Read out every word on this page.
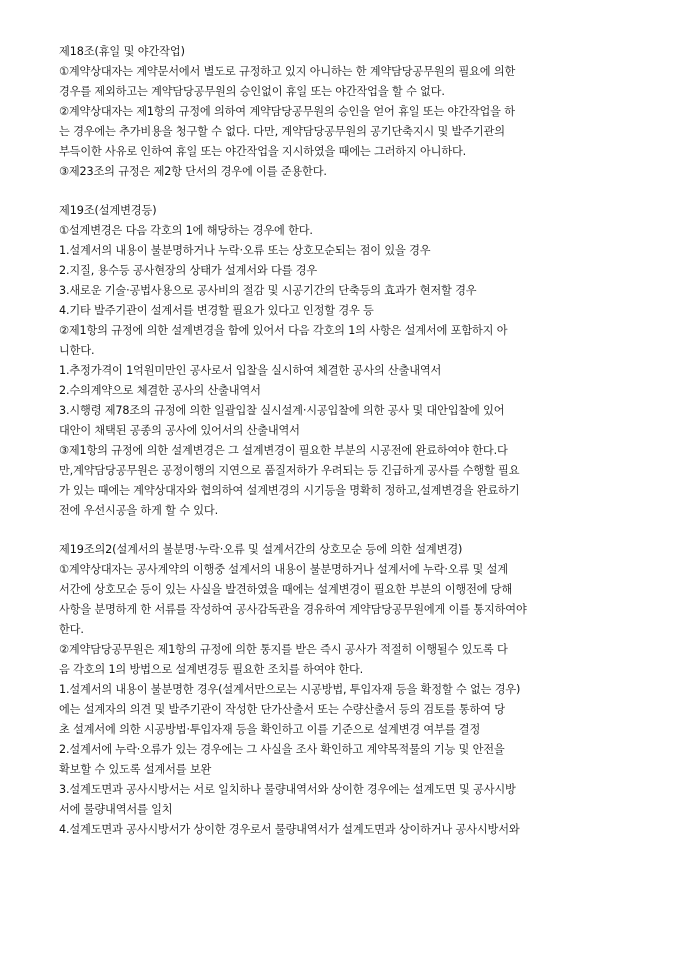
제18조(휴일 및 야간작업)
①계약상대자는 계약문서에서 별도로 규정하고 있지 아니하는 한 계약담당공무원의 필요에 의한
경우를 제외하고는 계약담당공무원의 승인없이 휴일 또는 야간작업을 할 수 없다.
②계약상대자는 제1항의 규정에 의하여 계약담당공무원의 승인을 얻어 휴일 또는 야간작업을 하
는 경우에는 추가비용을 청구할 수 없다. 다만, 계약담당공무원의 공기단축지시 및 발주기관의
부득이한 사유로 인하여 휴일 또는 야간작업을 지시하였을 때에는 그러하지 아니하다.
③제23조의 규정은 제2항 단서의 경우에 이를 준용한다.
제19조(설계변경등)
①설계변경은 다음 각호의 1에 해당하는 경우에 한다.
1.설계서의 내용이 불분명하거나 누락·오류 또는 상호모순되는 점이 있을 경우
2.지질, 용수등 공사현장의 상태가 설계서와 다를 경우
3.새로운 기술·공법사용으로 공사비의 절감 및 시공기간의 단축등의 효과가 현저할 경우
4.기타 발주기관이 설계서를 변경할 필요가 있다고 인정할 경우 등
②제1항의 규정에 의한 설계변경을 함에 있어서 다음 각호의 1의 사항은 설계서에 포함하지 아
니한다.
1.추정가격이 1억원미만인 공사로서 입찰을 실시하여 체결한 공사의 산출내역서
2.수의계약으로 체결한 공사의 산출내역서
3.시행령 제78조의 규정에 의한 일괄입찰 실시설계·시공입찰에 의한 공사 및 대안입찰에 있어
대안이 채택된 공종의 공사에 있어서의 산출내역서
③제1항의 규정에 의한 설계변경은 그 설계변경이 필요한 부분의 시공전에 완료하여야 한다.다
만,계약담당공무원은 공정이행의 지연으로 품질저하가 우려되는 등 긴급하게 공사를 수행할 필요
가 있는 때에는 계약상대자와 협의하여 설계변경의 시기등을 명확히 정하고,설계변경을 완료하기
전에 우선시공을 하게 할 수 있다.
제19조의2(설계서의 불분명·누락·오류 및 설계서간의 상호모순 등에 의한 설계변경)
①계약상대자는 공사계약의 이행중 설계서의 내용이 불분명하거나 설계서에 누락·오류 및 설계
서간에 상호모순 등이 있는 사실을 발견하였을 때에는 설계변경이 필요한 부분의 이행전에 당해
사항을 분명하게 한 서류를 작성하여 공사감독관을 경유하여 계약담당공무원에게 이를 통지하여야
한다.
②계약담당공무원은 제1항의 규정에 의한 통지를 받은 즉시 공사가 적절히 이행될수 있도록 다
음 각호의 1의 방법으로 설계변경등 필요한 조치를 하여야 한다.
1.설계서의 내용이 불분명한 경우(설계서만으로는 시공방법, 투입자재 등을 확정할 수 없는 경우)
에는 설계자의 의견 및 발주기관이 작성한 단가산출서 또는 수량산출서 등의 검토를 통하여 당
초 설계서에 의한 시공방법·투입자재 등을 확인하고 이를 기준으로 설계변경 여부를 결정
2.설계서에 누락·오류가 있는 경우에는 그 사실을 조사 확인하고 계약목적물의 기능 및 안전을
확보할 수 있도록 설계서를 보완
3.설계도면과 공사시방서는 서로 일치하나 물량내역서와 상이한 경우에는 설계도면 및 공사시방
서에 물량내역서를 일치
4.설계도면과 공사시방서가 상이한 경우로서 물량내역서가 설계도면과 상이하거나 공사시방서와
